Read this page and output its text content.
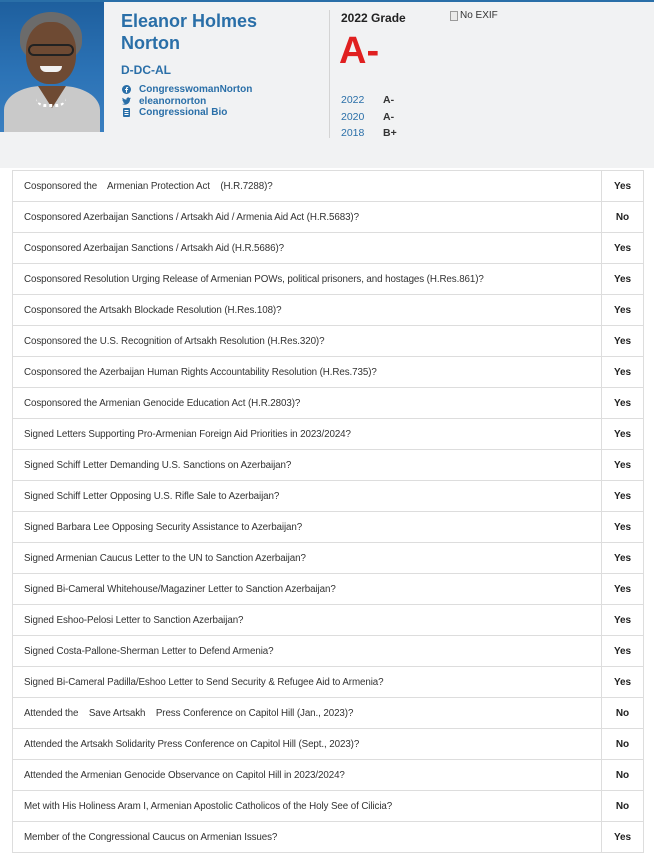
Eleanor Holmes
Norton
D-DC-AL
CongresswomanNorton
eleanornorton
Congressional Bio
2022 Grade
A-
2022	A-
2020	A-
2018	B+
No EXIF
Cosponsored the    Armenian Protection Act    (H.R.7288)?	Yes
Cosponsored Azerbaijan Sanctions / Artsakh Aid / Armenia Aid Act (H.R.5683)?	No
Cosponsored Azerbaijan Sanctions / Artsakh Aid (H.R.5686)?	Yes
Cosponsored Resolution Urging Release of Armenian POWs, political prisoners, and hostages (H.Res.861)?	Yes
Cosponsored the Artsakh Blockade Resolution (H.Res.108)?	Yes
Cosponsored the U.S. Recognition of Artsakh Resolution (H.Res.320)?	Yes
Cosponsored the Azerbaijan Human Rights Accountability Resolution (H.Res.735)?	Yes
Cosponsored the Armenian Genocide Education Act (H.R.2803)?	Yes
Signed Letters Supporting Pro-Armenian Foreign Aid Priorities in 2023/2024?	Yes
Signed Schiff Letter Demanding U.S. Sanctions on Azerbaijan?	Yes
Signed Schiff Letter Opposing U.S. Rifle Sale to Azerbaijan?	Yes
Signed Barbara Lee Opposing Security Assistance to Azerbaijan?	Yes
Signed Armenian Caucus Letter to the UN to Sanction Azerbaijan?	Yes
Signed Bi-Cameral Whitehouse/Magaziner Letter to Sanction Azerbaijan?	Yes
Signed Eshoo-Pelosi Letter to Sanction Azerbaijan?	Yes
Signed Costa-Pallone-Sherman Letter to Defend Armenia?	Yes
Signed Bi-Cameral Padilla/Eshoo Letter to Send Security & Refugee Aid to Armenia?	Yes
Attended the    Save Artsakh    Press Conference on Capitol Hill (Jan., 2023)?	No
Attended the Artsakh Solidarity Press Conference on Capitol Hill (Sept., 2023)?	No
Attended the Armenian Genocide Observance on Capitol Hill in 2023/2024?	No
Met with His Holiness Aram I, Armenian Apostolic Catholicos of the Holy See of Cilicia?	No
Member of the Congressional Caucus on Armenian Issues?	Yes
